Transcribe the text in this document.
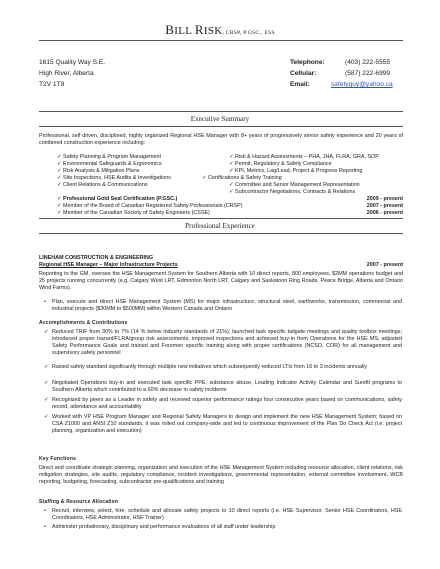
BILL RISK, CRSP, P.GSC., ESS
1615 Quality Way S.E.
High River, Alberta
T2V 1T9
Telephone:	(403) 222-5555
Cellular:	(587) 222-6999
Email:	safetyguy@yahoo.ca
Executive Summary
Professional, self driven, disciplined, highly organized Regional HSE Manager with 8+ years of progressively senior safety experience and 20 years of combined construction experience including:
✓ Safety Planning & Program Management
✓ Environmental Safeguards & Ergonomics
✓ Risk Analysis & Mitigation Plans
✓ Site Inspections, HSE Audits & Investigations
✓ Client Relations & Communications
✓ Risk & Hazard Assessments – PHA, JHA, FLRA, GRA, SOP
✓ Permit, Regulatory & Safety Compliance
✓ KPI, Metrics, Lag/Lead, Project & Progress Reporting
✓ Certifications & Safety Training
✓ Committee and Senior Management Representation
✓ Subcontractor Negotiations, Contracts & Relations
✓ Professional Gold Seal Certification (P.GSC.)	2009 - present
✓ Member of the Board of Canadian Registered Safety Professionals (CRSP)	2007 - present
✓ Member of the Canadian Society of Safety Engineers (CSSE)	2006 - present
Professional Experience
LINEHAM CONSTRUCTION & ENGINEERING
Regional HSE Manager – Major Infrastructure Projects	2007 - present
Reporting to the GM, oversee the HSE Management System for Southern Alberta with 10 direct reports, 800 employees, $2MM operations budget and 25 projects running concurrently (e.g. Calgary West LRT, Edmonton North LRT, Calgary and Saskatoon Ring Roads, Peace Bridge, Alberta and Ontario Wind Farms).
• Plan, execute and direct HSE Management System (MS) for major infrastructure, structural steel, earthworks, transmission, commercial and industrial projects ($30MM to $500MM) within Western Canada and Ontario
Accomplishments & Contributions
✓ Reduced TRIF from 30% to 7% (14 % below industry standards of 21%); launched task specific tailgate meetings and quality toolbox meetings; introduced proper hazard/FLRA/group risk assessments, improved inspections and achieved buy-in from Operations for the HSE MS; adjusted Safety Performance Goals and trained and Foremen specific training along with proper certifications (NCSO, COR) for all management and supervisory safety personnel
✓ Raised safety standard significantly through multiple new initiatives which subsequently reduced LTIs from 16 to 3 incidents annually
✓ Negotiated Operations buy-in and executed task specific PPE, substance abuse, Leading Indicator Activity Calendar and Surefit programs to Southern Alberta which contributed to a 60% decrease in safety incidents
✓ Recognized by peers as a Leader in safety and received superior performance ratings four consecutive years based on communications, safety record, attendance and accountability
✓ Worked with VP HSE Program Manager and Regional Safety Managers to design and implement the new HSE Management System; based on CSA Z1000 and ANSI Z10 standards, it was rolled out company-wide and led to continuous improvement of the Plan Do Check Act (i.e. project planning, organization and execution)
Key Functions
Direct and coordinate strategic planning, organization and execution of the HSE Management System including resource allocation, client relations, risk mitigation strategies, site audits, regulatory compliance, incident investigations, governmental representation, external committee involvement, WCB reporting, budgeting, forecasting, subcontractor pre-qualifications and training
Staffing & Resource Allocation
• Recruit, interview, select, hire, schedule and allocate safety projects to 10 direct reports (i.e. HSE Supervisor, Senior HSE Coordinators, HSE Coordinators, HSE Administrator, HSE Trainer)
• Administer probationary, disciplinary and performance evaluations of all staff under leadership
